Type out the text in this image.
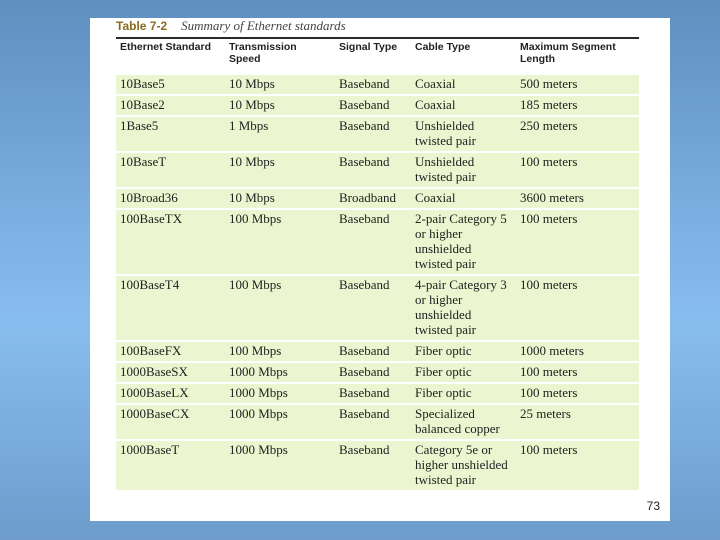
Table 7-2 Summary of Ethernet standards
Ethernet Standard	Transmission Speed	Signal Type	Cable Type	Maximum Segment Length
10Base5	10 Mbps	Baseband	Coaxial	500 meters
10Base2	10 Mbps	Baseband	Coaxial	185 meters
1Base5	1 Mbps	Baseband	Unshielded twisted pair	250 meters
10BaseT	10 Mbps	Baseband	Unshielded twisted pair	100 meters
10Broad36	10 Mbps	Broadband	Coaxial	3600 meters
100BaseTX	100 Mbps	Baseband	2-pair Category 5 or higher unshielded twisted pair	100 meters
100BaseT4	100 Mbps	Baseband	4-pair Category 3 or higher unshielded twisted pair	100 meters
100BaseFX	100 Mbps	Baseband	Fiber optic	1000 meters
1000BaseSX	1000 Mbps	Baseband	Fiber optic	100 meters
1000BaseLX	1000 Mbps	Baseband	Fiber optic	100 meters
1000BaseCX	1000 Mbps	Baseband	Specialized balanced copper	25 meters
1000BaseT	1000 Mbps	Baseband	Category 5e or higher unshielded twisted pair	100 meters
73
